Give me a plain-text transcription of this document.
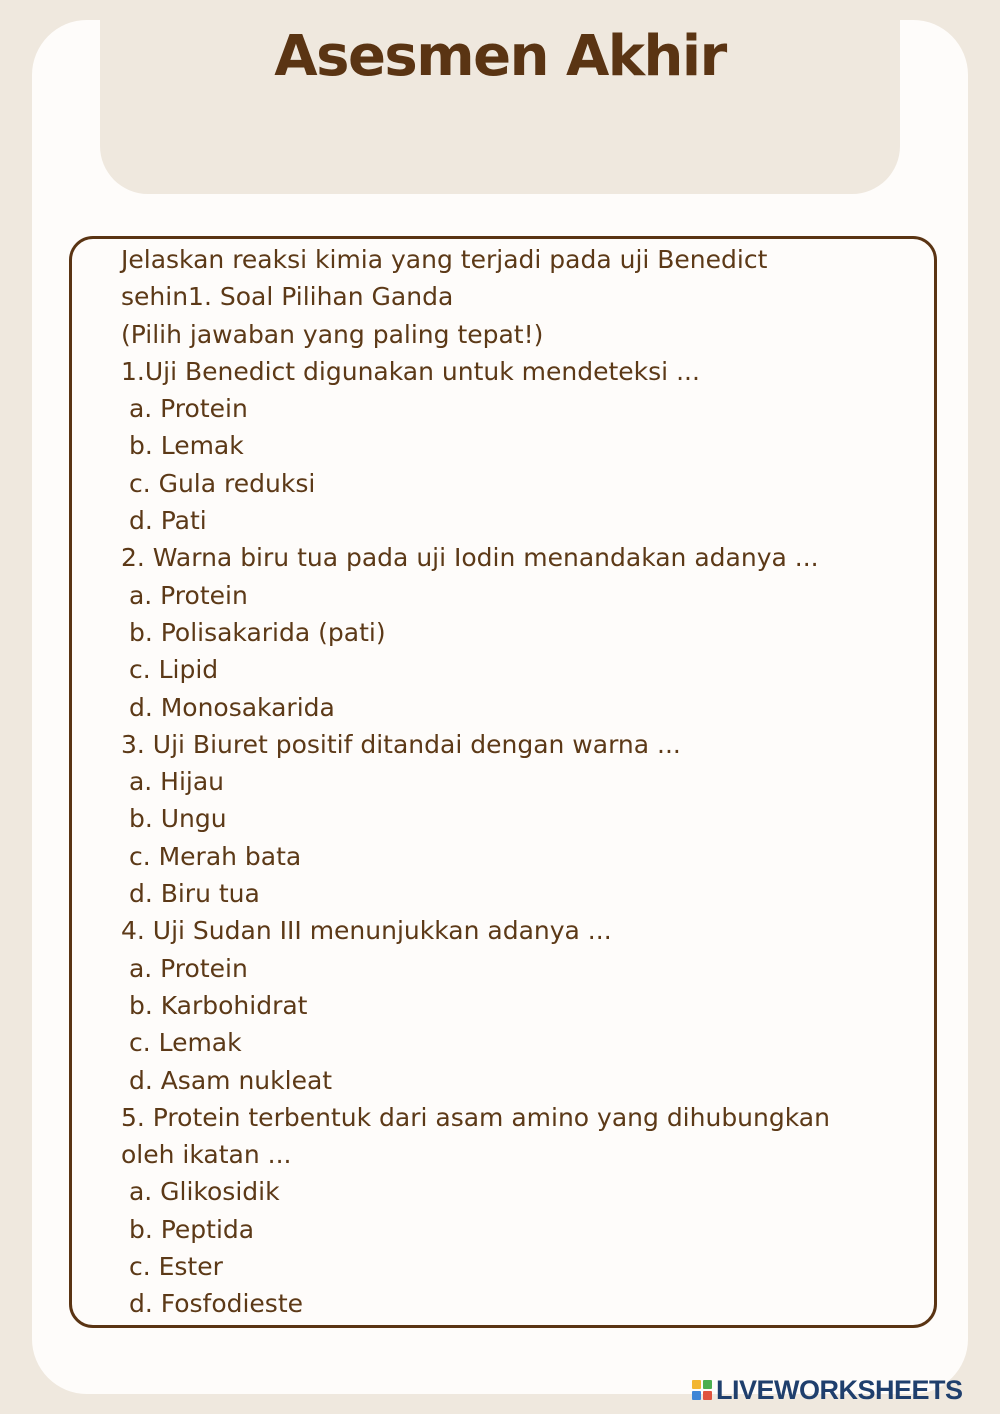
Asesmen Akhir
Jelaskan reaksi kimia yang terjadi pada uji Benedict
sehin1. Soal Pilihan Ganda
(Pilih jawaban yang paling tepat!)
1.Uji Benedict digunakan untuk mendeteksi ...
a. Protein
b. Lemak
c. Gula reduksi
d. Pati
2. Warna biru tua pada uji Iodin menandakan adanya ...
a. Protein
b. Polisakarida (pati)
c. Lipid
d. Monosakarida
3. Uji Biuret positif ditandai dengan warna ...
a. Hijau
b. Ungu
c. Merah bata
d. Biru tua
4. Uji Sudan III menunjukkan adanya ...
a. Protein
b. Karbohidrat
c. Lemak
d. Asam nukleat
5. Protein terbentuk dari asam amino yang dihubungkan
oleh ikatan ...
a. Glikosidik
b. Peptida
c. Ester
d. Fosfodieste
LIVEWORKSHEETS
